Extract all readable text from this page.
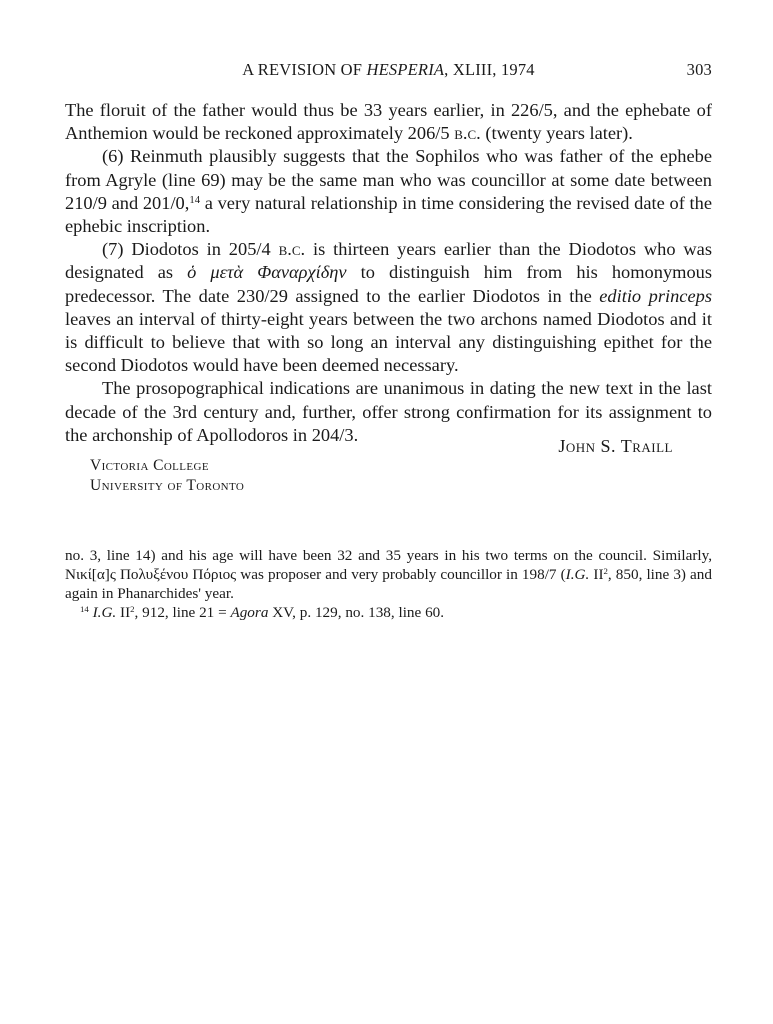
A REVISION OF HESPERIA, XLIII, 1974	303

The floruit of the father would thus be 33 years earlier, in 226/5, and the ephebate of Anthemion would be reckoned approximately 206/5 b.c. (twenty years later).

(6) Reinmuth plausibly suggests that the Sophilos who was father of the ephebe from Agryle (line 69) may be the same man who was councillor at some date between 210/9 and 201/0,14 a very natural relationship in time considering the revised date of the ephebic inscription.

(7) Diodotos in 205/4 b.c. is thirteen years earlier than the Diodotos who was designated as ὁ μετὰ Φαναρχίδην to distinguish him from his homonymous predecessor. The date 230/29 assigned to the earlier Diodotos in the editio princeps leaves an interval of thirty-eight years between the two archons named Diodotos and it is difficult to believe that with so long an interval any distinguishing epithet for the second Diodotos would have been deemed necessary.

The prosopographical indications are unanimous in dating the new text in the last decade of the 3rd century and, further, offer strong confirmation for its assignment to the archonship of Apollodoros in 204/3.

John S. Traill
Victoria College
University of Toronto

no. 3, line 14) and his age will have been 32 and 35 years in his two terms on the council. Similarly, Νικί[α]ς Πολυξένου Πόριος was proposer and very probably councillor in 198/7 (I.G. $II^2$, 850, line 3) and again in Phanarchides' year.

$^{14}$ I.G. $II^2$, 912, line 21 = Agora XV, p. 129, no. 138, line 60.
